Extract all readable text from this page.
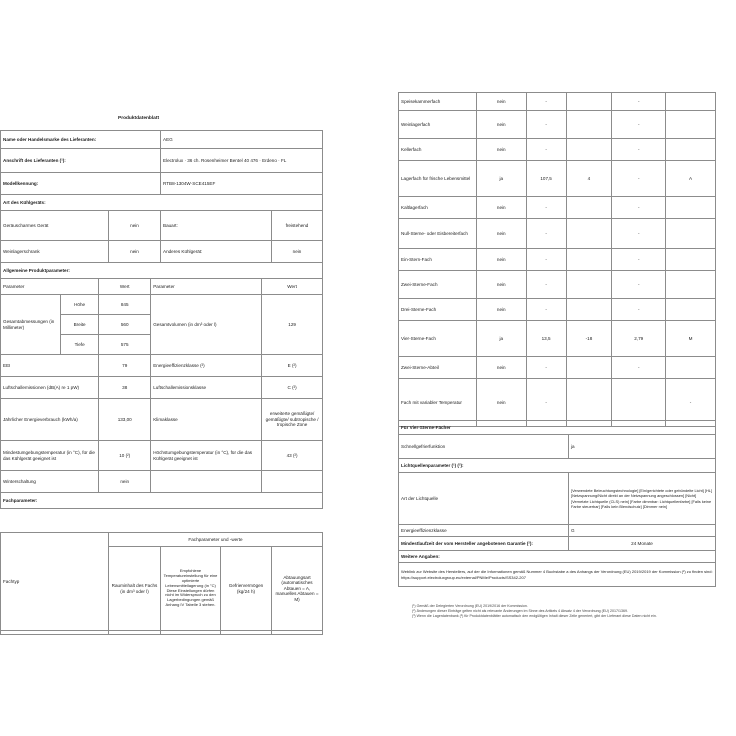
Produktdatenblatt
Name oder Handelsmarke des Lieferanten:	AEG
Anschrift des Lieferanten (¹):	Electrolux · 36 ch. Rosenheimer Bentel 40 476 · Erdeno · FL
Modellkennung:	RTB8-1304W·SCE415EF
Art des Kühlgeräts:	
Geräuscharmes Gerät	nein	Bauart:	freistehend
Weinlagerschrank	nein	Anderes Kühlgerät:	nein
Allgemeine Produktparameter:			
Parameter		Wert	Parameter	Wert
Gesamtabmessungen (in Millimeter)	Höhe	845	Gesamtvolumen (in dm³ oder l)	129
	Breite	560		
	Tiefe	575		
EEI		79	Energieeffizienzklasse (²)	E (²)
Luftschallemissionen (dB(A) re 1 pW)		38	Luftschallemissionsklasse	C (²)
Jährlicher Energieverbrauch (kWh/a)		133,00	Klimaklasse	erweiterte gemäßigte/ gemäßigte/ subtropische / tropische Zone
Mindestumgebungstemperatur (in °C), für die das Kühlgerät geeignet ist		10 (²)	Höchstumgebungstemperatur (in °C), für die das Kühlgerät geeignet ist	43 (²)
Winterschaltung		nein		
Fachparameter:				
Fachtyp	Fachparameter und -werte			
	Rauminhalt des Fachs (in dm³ oder l)	Empfohlene Temperatureinstellung für eine optimierte Lebensmittellagerung (in °C) Diese Einstellungen dürfen nicht im Widerspruch zu den Lagerbedingungen gemäß Anhang IV Tabelle 3 stehen.	Gefriervermögen (kg/24 h)	Abtauungsart (automatisches Abtauen = A, manuelles Abtauen = M)

Speisekammerfach	nein	-		-	
Weinlagerfach	nein	-		-	
Kellerfach	nein	-		-	
Lagerfach für frische Lebensmittel	ja	107,5	4	-	A
Kaltlagerfach	nein	-		-	
Null-Sterne- oder Eisbereiterfach	nein	-		-	
Ein-Stern-Fach	nein	-		-	
Zwei-Sterne-Fach	nein	-		-	
Drei-Sterne-Fach	nein	-		-	
Vier-Sterne-Fach	ja	13,5	-18	2,79	M
Zwei-Sterne-Abteil	nein	-		-	
Fach mit variabler Temperatur	nein	-			-
Für Vier-Sterne-Fächer	
Schnellgefrierfunktion	ja
Lichtquellenparameter (¹) (²):	
Art der Lichtquelle	[Verwendete Beleuchtungstechnologie] [Ein/gerichtete oder gebündelte Licht] [HL] [Netzspannung/Nicht direkt an der Netzspannung angeschlossen] [Nicht] [Vernetzte Lichtquelle (CLS) nein] [Farbe dimmbar: Lichtquellenfarbe] [Falls keine Farbe steuerbar] [Falls kein Blendschutz] [Dimmer nein]
Energieeffizienzklasse	G
Mindestlaufzeit der vom Hersteller angebotenen Garantie (²):	24 Monate
Weitere Angaben:	
Weblink zur Website des Herstellers, auf der die Informationen gemäß Nummer 4 Buchstabe a des Anhangs der Verordnung (EU) 2019/2019 der Kommission (²) zu finden sind: https://support.electroluxgroup.eu/external/PNMe/Products/SS342-207	
(¹) Gemäß der Delegierten Verordnung (EU) 2019/2016 der Kommission.
(²) Änderungen dieser Einträge gelten nicht als relevante Änderungen im Sinne des Artikels 4 Absatz 4 der Verordnung (EU) 2017/1369.
(³) Wenn die Lagerdatenbank (²) für Produktdatenblätter automatisch den endgültigen Inhalt dieser Zelle generiert, gibt der Lieferant diese Daten nicht ein.
